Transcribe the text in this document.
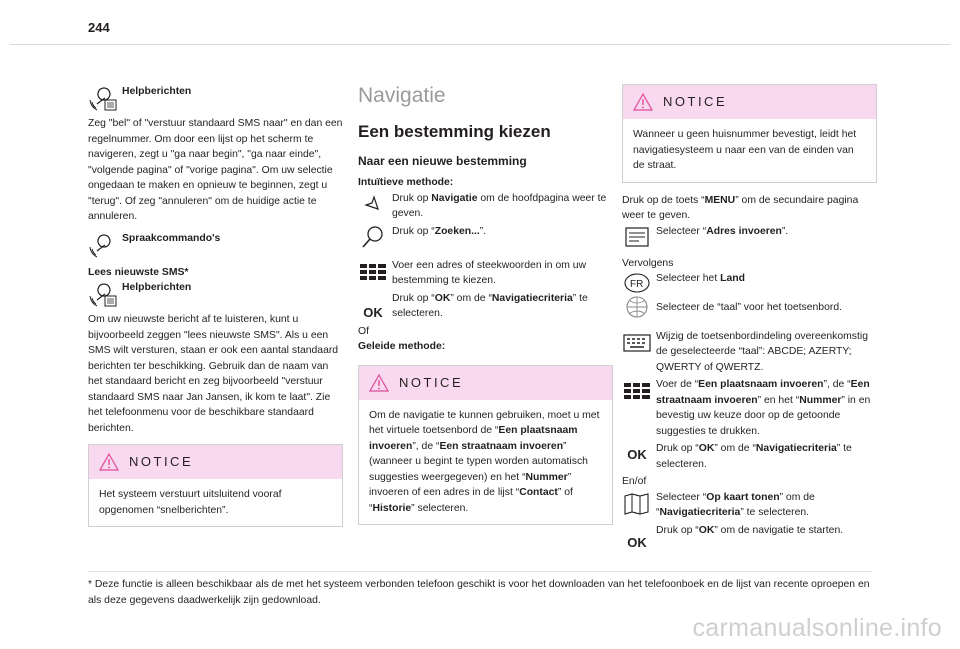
244
Helpberichten

Zeg "bel" of "verstuur standaard SMS naar" en dan een regelnummer. Om door een lijst op het scherm te navigeren, zegt u "ga naar begin", "ga naar einde", "volgende pagina" of "vorige pagina". Om uw selectie ongedaan te maken en opnieuw te beginnen, zegt u "terug". Of zeg "annuleren" om de huidige actie te annuleren.

Spraakcommando's
Lees nieuwste SMS*
Helpberichten

Om uw nieuwste bericht af te luisteren, kunt u bijvoorbeeld zeggen "lees nieuwste SMS". Als u een SMS wilt versturen, staan er ook een aantal standaard berichten ter beschikking. Gebruik dan de naam van het standaard bericht en zeg bijvoorbeeld "verstuur standaard SMS naar Jan Jansen, ik kom te laat". Zie het telefoonmenu voor de beschikbare standaard berichten.

NOTICE
Het systeem verstuurt uitsluitend vooraf opgenomen “snelberichten”.
Navigatie
Een bestemming kiezen
Naar een nieuwe bestemming
Intuïtieve methode:
Druk op Navigatie om de hoofdpagina weer te geven.
Druk op “Zoeken...”.
Voer een adres of steekwoorden in om uw bestemming te kiezen.
OK
Druk op “OK” om de “Navigatiecriteria” te selecteren.
Of
Geleide methode:
NOTICE
Om de navigatie te kunnen gebruiken, moet u met het virtuele toetsenbord de “Een plaatsnaam invoeren”, de “Een straatnaam invoeren” (wanneer u begint te typen worden automatisch suggesties weergegeven) en het “Nummer” invoeren of een adres in de lijst “Contact” of “Historie” selecteren.
NOTICE
Wanneer u geen huisnummer bevestigt, leidt het navigatiesysteem u naar een van de einden van de straat.

Druk op de toets “MENU” om de secundaire pagina weer te geven.

Selecteer “Adres invoeren”.
Vervolgens
FR
Selecteer het Land
Selecteer de “taal” voor het toetsenbord.
Wijzig de toetsenbordindeling overeenkomstig de geselecteerde “taal”: ABCDE; AZERTY; QWERTY of QWERTZ.
Voer de “Een plaatsnaam invoeren”, de “Een straatnaam invoeren” en het “Nummer” in en bevestig uw keuze door op de getoonde suggesties te drukken.
OK Druk op “OK” om de “Navigatiecriteria” te selecteren.
En/of
Selecteer “Op kaart tonen” om de “Navigatiecriteria” te selecteren.
OK
Druk op “OK” om de navigatie te starten.
* Deze functie is alleen beschikbaar als de met het systeem verbonden telefoon geschikt is voor het downloaden van het telefoonboek en de lijst van recente oproepen en als deze gegevens daadwerkelijk zijn gedownload.
carmanualsonline.info
